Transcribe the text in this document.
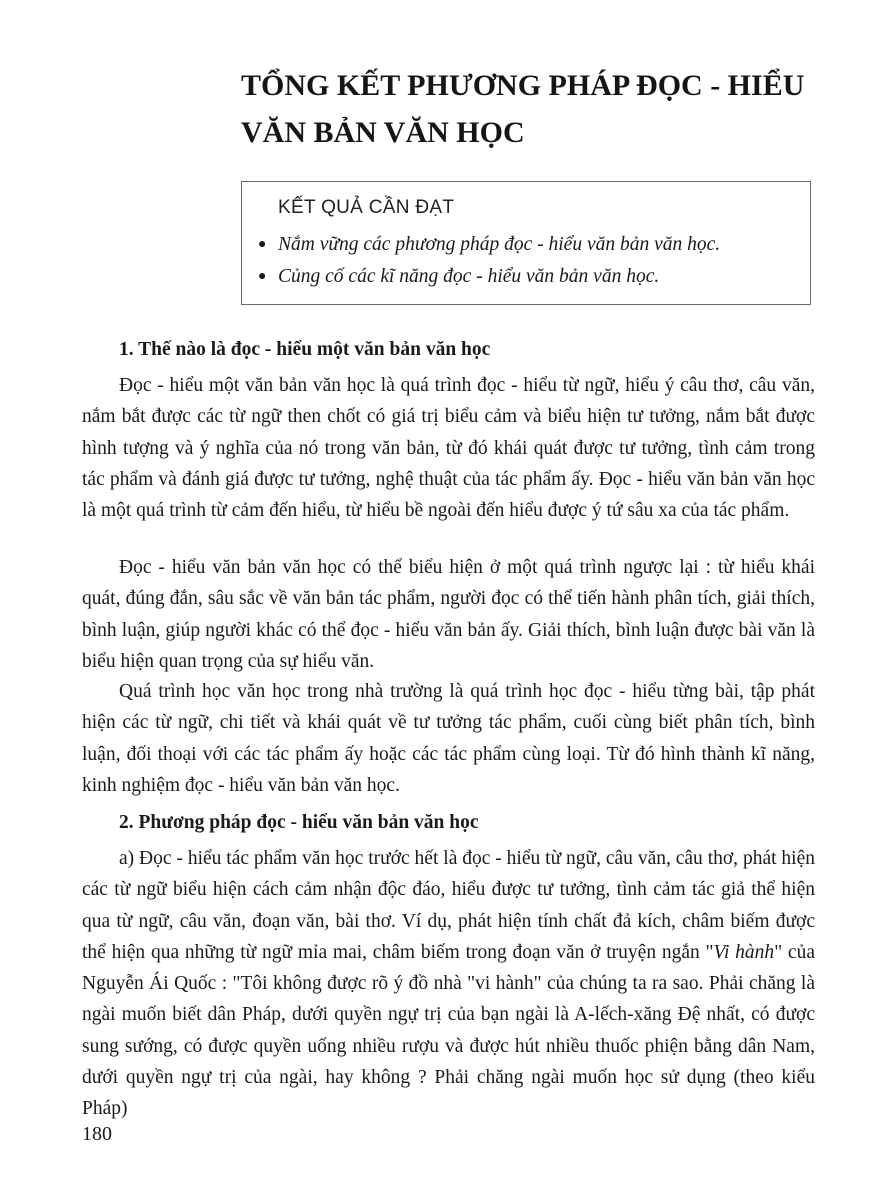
TỔNG KẾT PHƯƠNG PHÁP ĐỌC - HIỂU
VĂN BẢN VĂN HỌC
KẾT QUẢ CẦN ĐẠT
● Nắm vững các phương pháp đọc - hiểu văn bản văn học.
● Củng cố các kĩ năng đọc - hiểu văn bản văn học.
1. Thế nào là đọc - hiểu một văn bản văn học

Đọc - hiểu một văn bản văn học là quá trình đọc - hiểu từ ngữ, hiểu ý câu thơ, câu văn, nắm bắt được các từ ngữ then chốt có giá trị biểu cảm và biểu hiện tư tưởng, nắm bắt được hình tượng và ý nghĩa của nó trong văn bản, từ đó khái quát được tư tưởng, tình cảm trong tác phẩm và đánh giá được tư tưởng, nghệ thuật của tác phẩm ấy. Đọc - hiểu văn bản văn học là một quá trình từ cảm đến hiểu, từ hiểu bề ngoài đến hiểu được ý tứ sâu xa của tác phẩm.

Đọc - hiểu văn bản văn học có thể biểu hiện ở một quá trình ngược lại : từ hiểu khái quát, đúng đắn, sâu sắc về văn bản tác phẩm, người đọc có thể tiến hành phân tích, giải thích, bình luận, giúp người khác có thể đọc - hiểu văn bản ấy. Giải thích, bình luận được bài văn là biểu hiện quan trọng của sự hiểu văn.

Quá trình học văn học trong nhà trường là quá trình học đọc - hiểu từng bài, tập phát hiện các từ ngữ, chi tiết và khái quát về tư tưởng tác phẩm, cuối cùng biết phân tích, bình luận, đối thoại với các tác phẩm ấy hoặc các tác phẩm cùng loại. Từ đó hình thành kĩ năng, kinh nghiệm đọc - hiểu văn bản văn học.

2. Phương pháp đọc - hiểu văn bản văn học

a) Đọc - hiểu tác phẩm văn học trước hết là đọc - hiểu từ ngữ, câu văn, câu thơ, phát hiện các từ ngữ biểu hiện cách cảm nhận độc đáo, hiểu được tư tưởng, tình cảm tác giả thể hiện qua từ ngữ, câu văn, đoạn văn, bài thơ. Ví dụ, phát hiện tính chất đả kích, châm biếm được thể hiện qua những từ ngữ mỉa mai, châm biếm trong đoạn văn ở truyện ngắn "Vi hành" của Nguyễn Ái Quốc : "Tôi không được rõ ý đồ nhà "vi hành" của chúng ta ra sao. Phải chăng là ngài muốn biết dân Pháp, dưới quyền ngự trị của bạn ngài là A-lếch-xăng Đệ nhất, có được sung sướng, có được quyền uống nhiều rượu và được hút nhiều thuốc phiện bằng dân Nam, dưới quyền ngự trị của ngài, hay không ? Phải chăng ngài muốn học sử dụng (theo kiểu Pháp)

180
